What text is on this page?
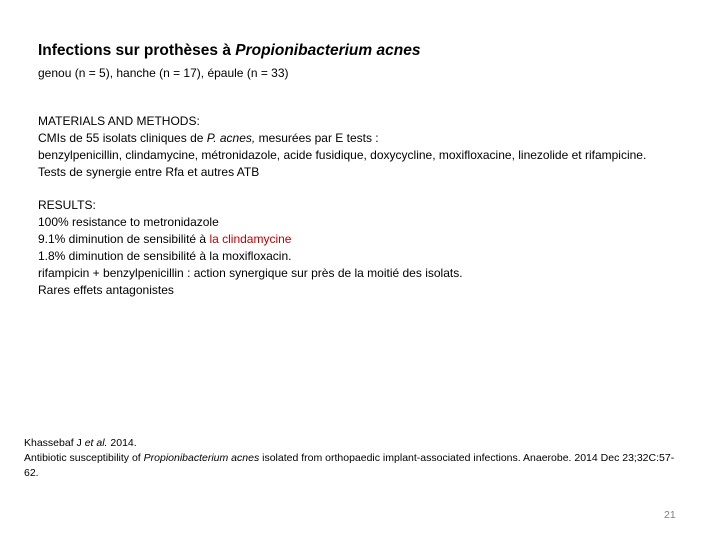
Infections sur prothèses à Propionibacterium acnes
genou (n = 5), hanche (n = 17), épaule (n = 33)

MATERIALS AND METHODS:

CMIs de 55 isolats cliniques de P. acnes, mesurées par E tests :

benzylpenicillin, clindamycine, métronidazole, acide fusidique, doxycycline, moxifloxacine, linezolide et rifampicine.

Tests de synergie entre Rfa et autres ATB

RESULTS:

100% resistance to metronidazole

9.1% diminution de sensibilité à la clindamycine

1.8% diminution de sensibilité à la moxifloxacin.

rifampicin + benzylpenicillin : action synergique sur près de la moitié des isolats.

Rares effets antagonistes

Khassebaf J et al. 2014.

Antibiotic susceptibility of Propionibacterium acnes isolated from orthopaedic implant-associated infections. Anaerobe. 2014 Dec 23;32C:57-62.

21
